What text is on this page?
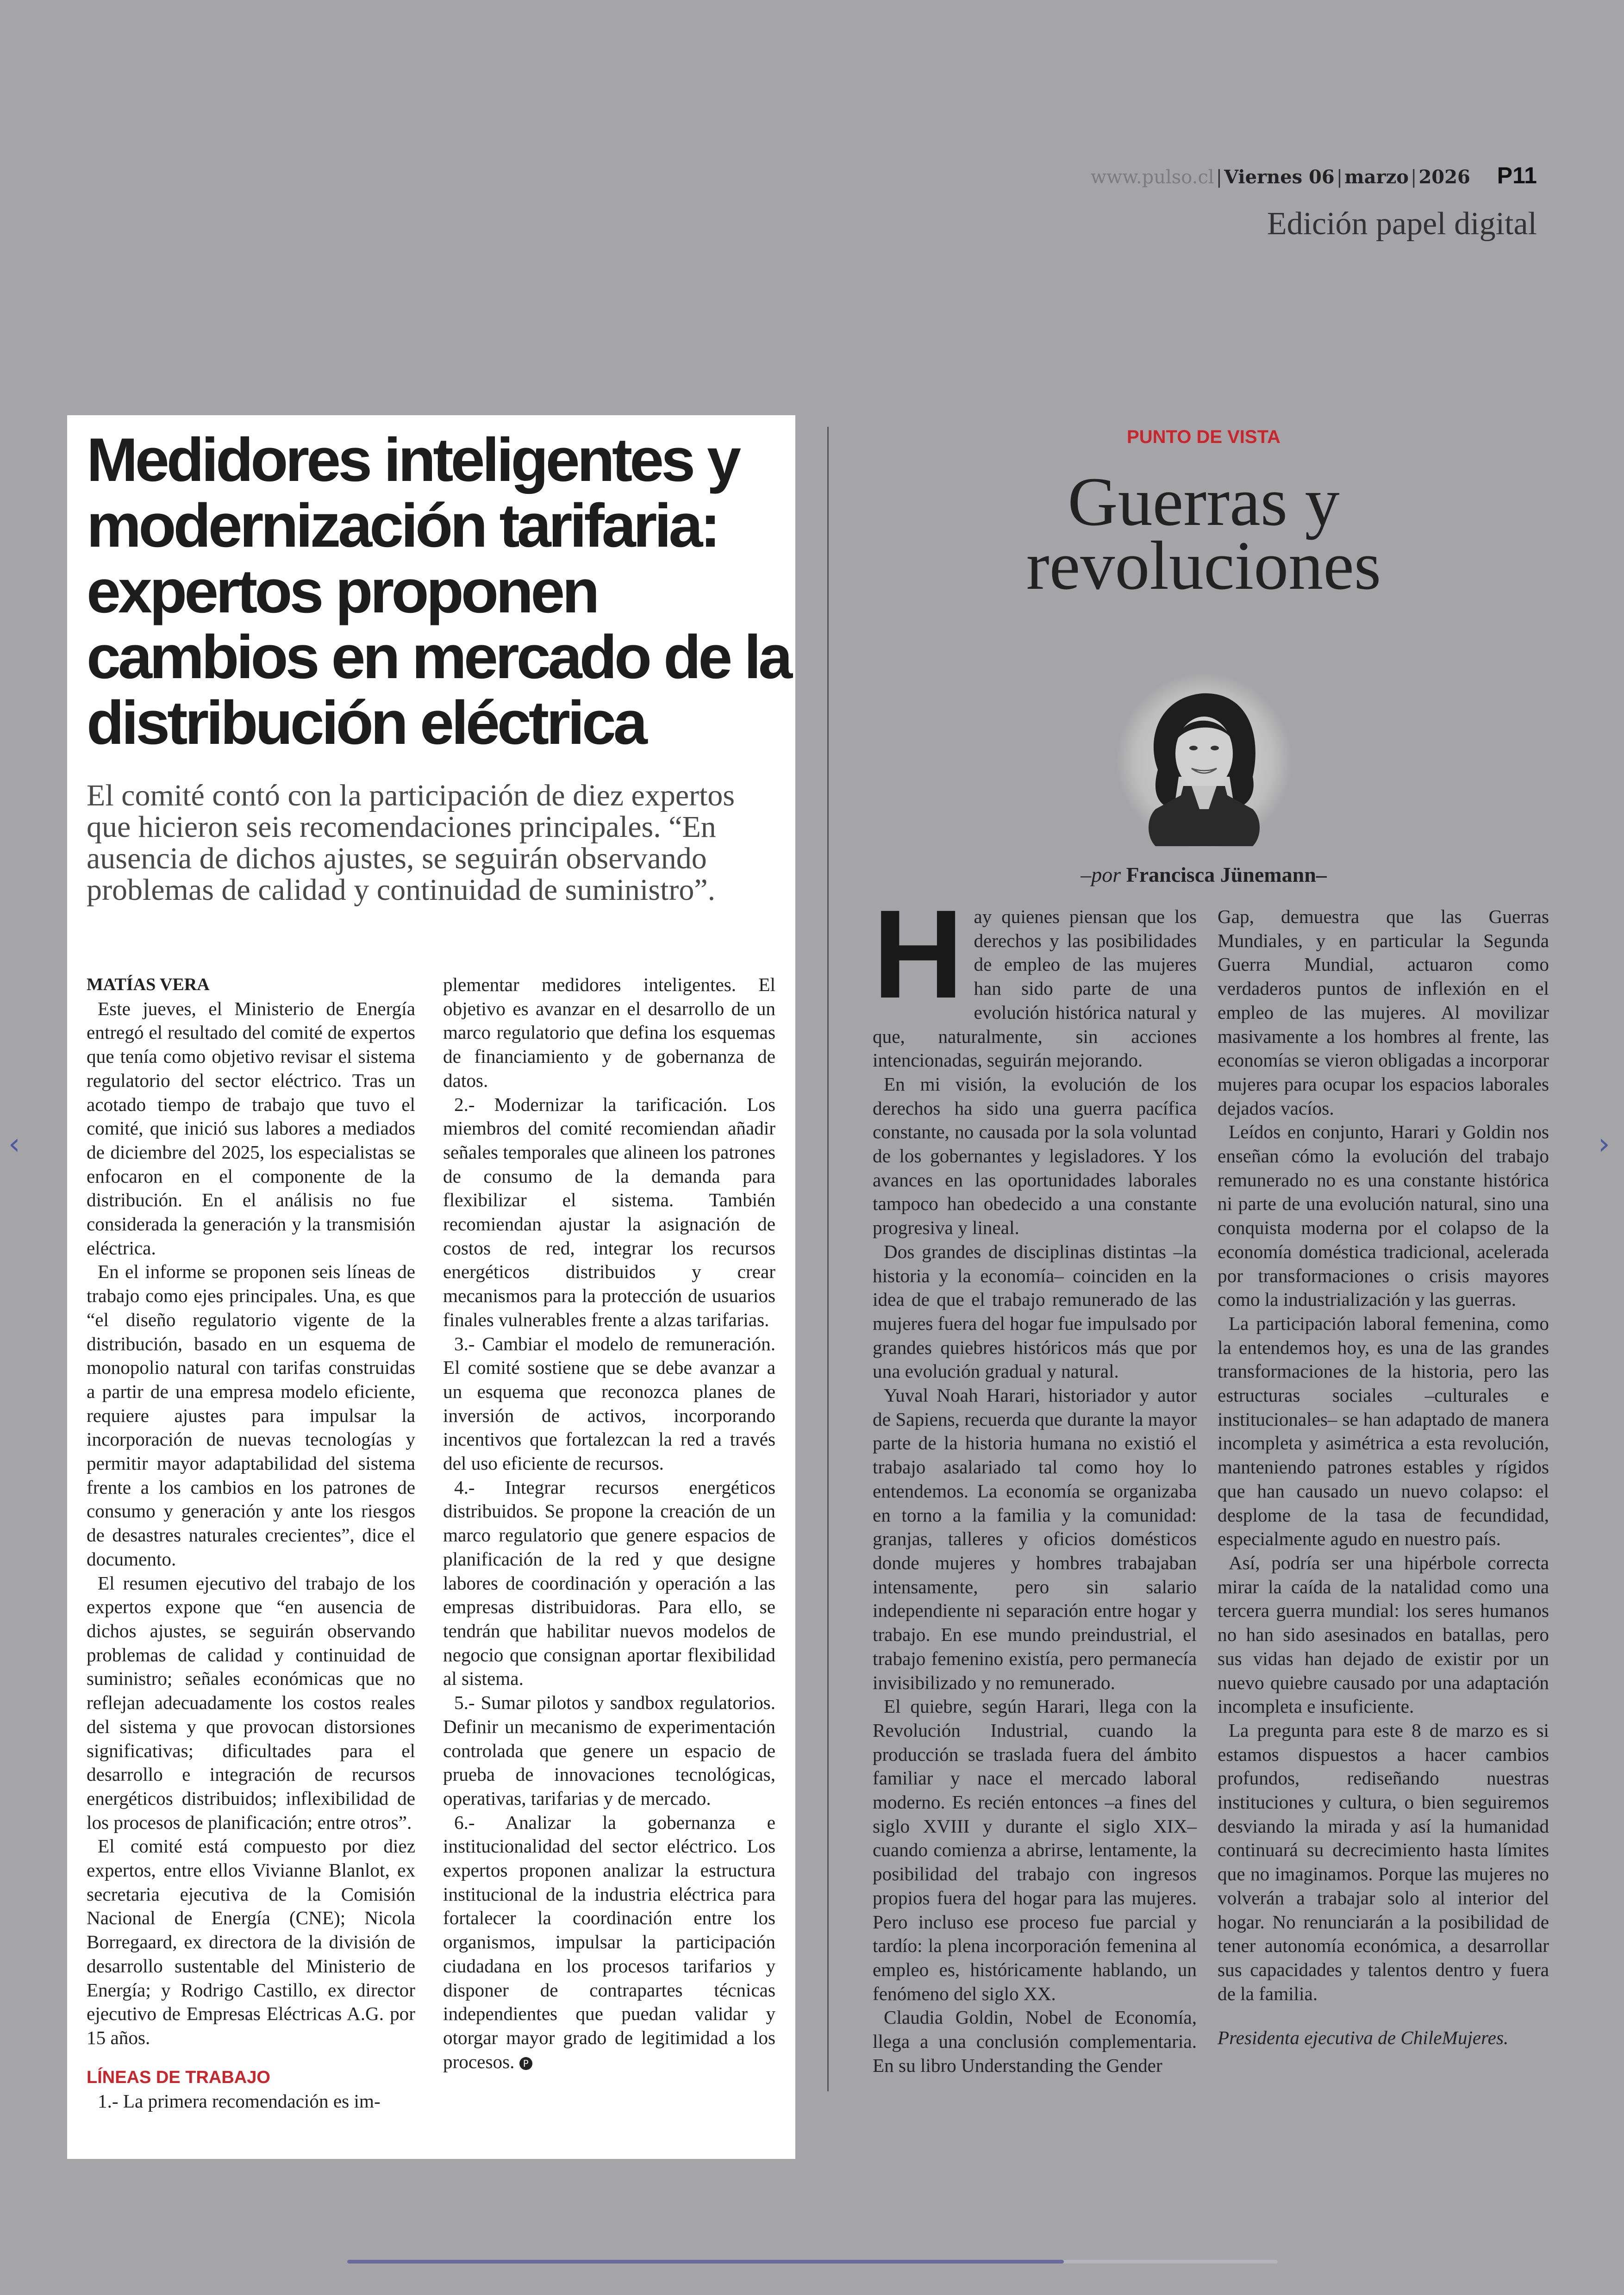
www.pulso.cl | Viernes 06 | marzo | 2026 P11
Edición papel digital
‹	›
Medidores inteligentes y modernización tarifaria: expertos proponen cambios en mercado de la distribución eléctrica

El comité contó con la participación de diez expertos que hicieron seis recomendaciones principales. “En ausencia de dichos ajustes, se seguirán observando problemas de calidad y continuidad de suministro”.

MATÍAS VERA

Este jueves, el Ministerio de Energía entregó el resultado del comité de expertos que tenía como objetivo revisar el sistema regulatorio del sector eléctrico. Tras un acotado tiempo de trabajo que tuvo el comité, que inició sus labores a mediados de diciembre del 2025, los especialistas se enfocaron en el componente de la distribución. En el análisis no fue considerada la generación y la transmisión eléctrica.

En el informe se proponen seis líneas de trabajo como ejes principales. Una, es que “el diseño regulatorio vigente de la distribución, basado en un esquema de monopolio natural con tarifas construidas a partir de una empresa modelo eficiente, requiere ajustes para impulsar la incorporación de nuevas tecnologías y permitir mayor adaptabilidad del sistema frente a los cambios en los patrones de consumo y generación y ante los riesgos de desastres naturales crecientes”, dice el documento.

El resumen ejecutivo del trabajo de los expertos expone que “en ausencia de dichos ajustes, se seguirán observando problemas de calidad y continuidad de suministro; señales económicas que no reflejan adecuadamente los costos reales del sistema y que provocan distorsiones significativas; dificultades para el desarrollo e integración de recursos energéticos distribuidos; inflexibilidad de los procesos de planificación; entre otros”.

El comité está compuesto por diez expertos, entre ellos Vivianne Blanlot, ex secretaria ejecutiva de la Comisión Nacional de Energía (CNE); Nicola Borregaard, ex directora de la división de desarrollo sustentable del Ministerio de Energía; y Rodrigo Castillo, ex director ejecutivo de Empresas Eléctricas A.G. por 15 años.

LÍNEAS DE TRABAJO

1.- La primera recomendación es im-

plementar medidores inteligentes. El objetivo es avanzar en el desarrollo de un marco regulatorio que defina los esquemas de financiamiento y de gobernanza de datos.

2.- Modernizar la tarificación. Los miembros del comité recomiendan añadir señales temporales que alineen los patrones de consumo de la demanda para flexibilizar el sistema. También recomiendan ajustar la asignación de costos de red, integrar los recursos energéticos distribuidos y crear mecanismos para la protección de usuarios finales vulnerables frente a alzas tarifarias.

3.- Cambiar el modelo de remuneración. El comité sostiene que se debe avanzar a un esquema que reconozca planes de inversión de activos, incorporando incentivos que fortalezcan la red a través del uso eficiente de recursos.

4.- Integrar recursos energéticos distribuidos. Se propone la creación de un marco regulatorio que genere espacios de planificación de la red y que designe labores de coordinación y operación a las empresas distribuidoras. Para ello, se tendrán que habilitar nuevos modelos de negocio que consignan aportar flexibilidad al sistema.

5.- Sumar pilotos y sandbox regulatorios. Definir un mecanismo de experimentación controlada que genere un espacio de prueba de innovaciones tecnológicas, operativas, tarifarias y de mercado.

6.- Analizar la gobernanza e institucionalidad del sector eléctrico. Los expertos proponen analizar la estructura institucional de la industria eléctrica para fortalecer la coordinación entre los organismos, impulsar la participación ciudadana en los procesos tarifarios y disponer de contrapartes técnicas independientes que puedan validar y otorgar mayor grado de legitimidad a los procesos. P

PUNTO DE VISTA
Guerras y
revoluciones
–por Francisca Jünemann–

Hay quienes piensan que los derechos y las posibilidades de empleo de las mujeres han sido parte de una evolución histórica natural y que, naturalmente, sin acciones intencionadas, seguirán mejorando.

En mi visión, la evolución de los derechos ha sido una guerra pacífica constante, no causada por la sola voluntad de los gobernantes y legisladores. Y los avances en las oportunidades laborales tampoco han obedecido a una constante progresiva y lineal.

Dos grandes de disciplinas distintas –la historia y la economía– coinciden en la idea de que el trabajo remunerado de las mujeres fuera del hogar fue impulsado por grandes quiebres históricos más que por una evolución gradual y natural.

Yuval Noah Harari, historiador y autor de Sapiens, recuerda que durante la mayor parte de la historia humana no existió el trabajo asalariado tal como hoy lo entendemos. La economía se organizaba en torno a la familia y la comunidad: granjas, talleres y oficios domésticos donde mujeres y hombres trabajaban intensamente, pero sin salario independiente ni separación entre hogar y trabajo. En ese mundo preindustrial, el trabajo femenino existía, pero permanecía invisibilizado y no remunerado.

El quiebre, según Harari, llega con la Revolución Industrial, cuando la producción se traslada fuera del ámbito familiar y nace el mercado laboral moderno. Es recién entonces –a fines del siglo XVIII y durante el siglo XIX– cuando comienza a abrirse, lentamente, la posibilidad del trabajo con ingresos propios fuera del hogar para las mujeres. Pero incluso ese proceso fue parcial y tardío: la plena incorporación femenina al empleo es, históricamente hablando, un fenómeno del siglo XX.

Claudia Goldin, Nobel de Economía, llega a una conclusión complementaria. En su libro Understanding the Gender

Gap, demuestra que las Guerras Mundiales, y en particular la Segunda Guerra Mundial, actuaron como verdaderos puntos de inflexión en el empleo de las mujeres. Al movilizar masivamente a los hombres al frente, las economías se vieron obligadas a incorporar mujeres para ocupar los espacios laborales dejados vacíos.

Leídos en conjunto, Harari y Goldin nos enseñan cómo la evolución del trabajo remunerado no es una constante histórica ni parte de una evolución natural, sino una conquista moderna por el colapso de la economía doméstica tradicional, acelerada por transformaciones o crisis mayores como la industrialización y las guerras.

La participación laboral femenina, como la entendemos hoy, es una de las grandes transformaciones de la historia, pero las estructuras sociales –culturales e institucionales– se han adaptado de manera incompleta y asimétrica a esta revolución, manteniendo patrones estables y rígidos que han causado un nuevo colapso: el desplome de la tasa de fecundidad, especialmente agudo en nuestro país.

Así, podría ser una hipérbole correcta mirar la caída de la natalidad como una tercera guerra mundial: los seres humanos no han sido asesinados en batallas, pero sus vidas han dejado de existir por un nuevo quiebre causado por una adaptación incompleta e insuficiente.

La pregunta para este 8 de marzo es si estamos dispuestos a hacer cambios profundos, rediseñando nuestras instituciones y cultura, o bien seguiremos desviando la mirada y así la humanidad continuará su decrecimiento hasta límites que no imaginamos. Porque las mujeres no volverán a trabajar solo al interior del hogar. No renunciarán a la posibilidad de tener autonomía económica, a desarrollar sus capacidades y talentos dentro y fuera de la familia.

Presidenta ejecutiva de ChileMujeres.
